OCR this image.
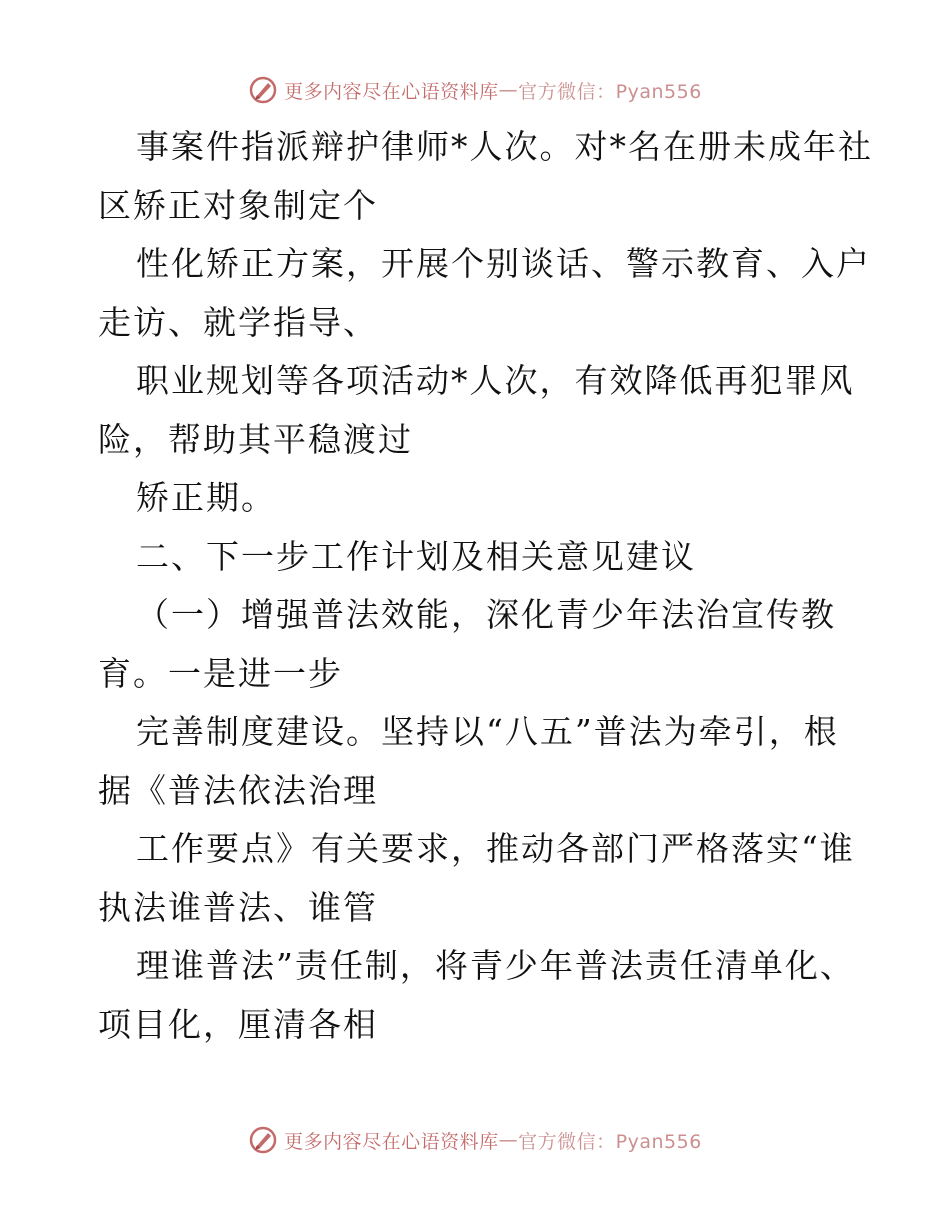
更多内容尽在心语资料库 — 官方微信：Pyan556
事案件指派辩护律师*人次。对*名在册未成年社
区矫正对象制定个
性化矫正方案，开展个别谈话、警示教育、入户
走访、就学指导、
职业规划等各项活动*人次，有效降低再犯罪风
险，帮助其平稳渡过
矫正期。
二、下一步工作计划及相关意见建议
（一）增强普法效能，深化青少年法治宣传教
育。一是进一步
完善制度建设。坚持以“八五”普法为牵引，根
据《普法依法治理
工作要点》有关要求，推动各部门严格落实“谁
执法谁普法、谁管
理谁普法”责任制，将青少年普法责任清单化、
项目化，厘清各相
更多内容尽在心语资料库 — 官方微信：Pyan556
